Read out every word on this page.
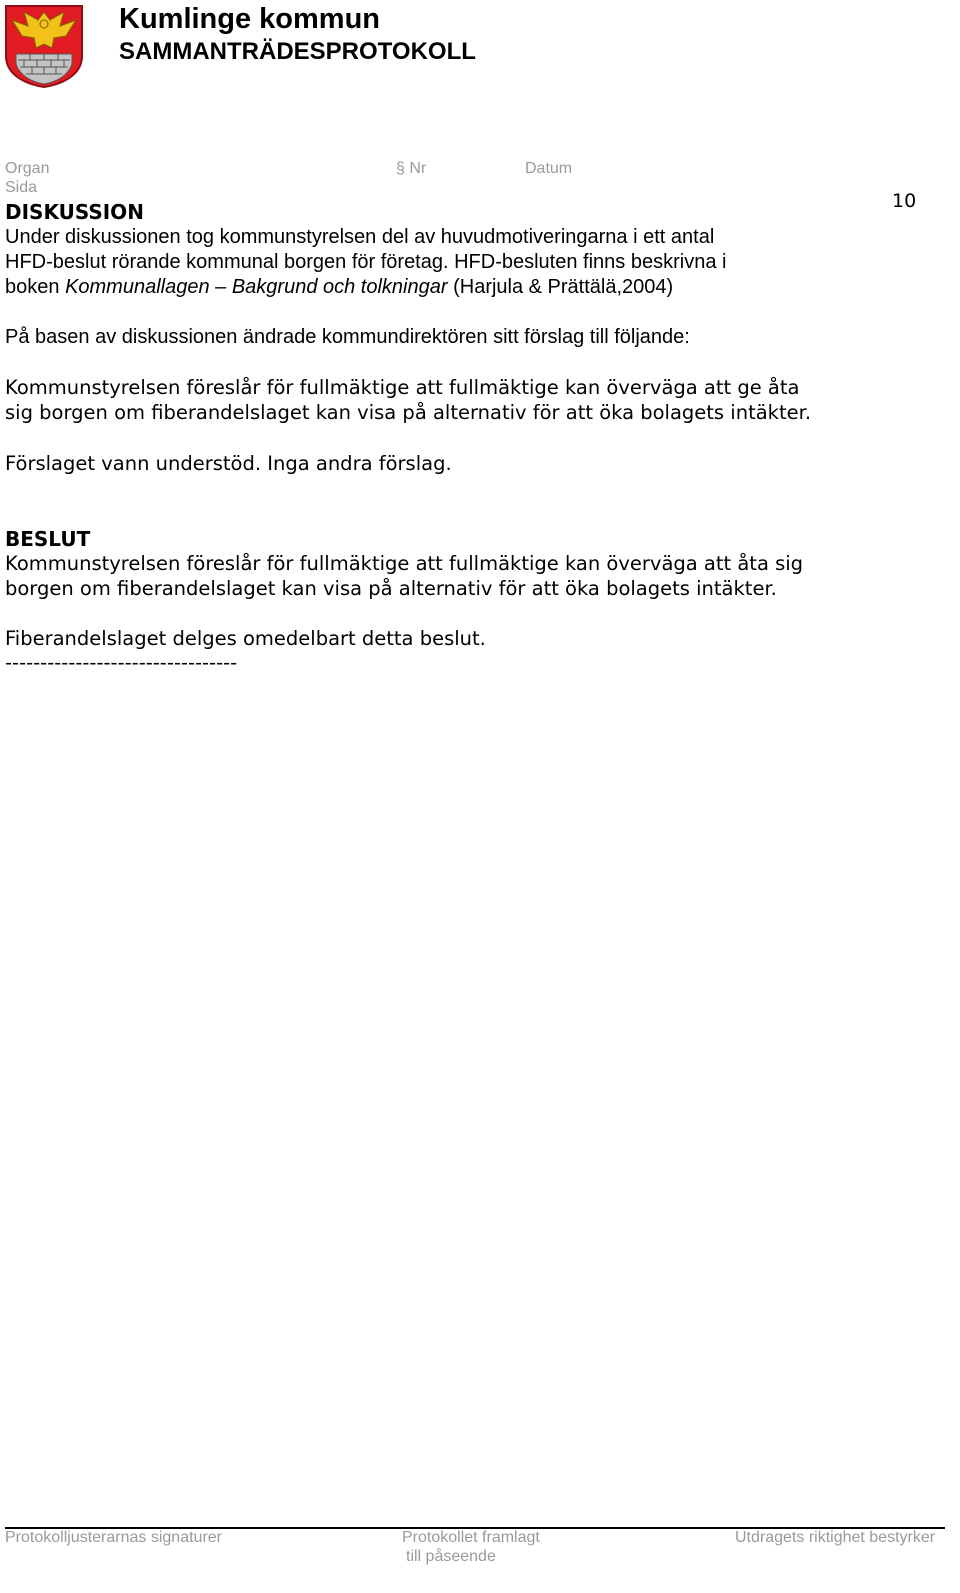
Kumlinge kommun
SAMMANTRÄDESPROTOKOLL
Organ	§ Nr	Datum
Sida
10
DISKUSSION
Under diskussionen tog kommunstyrelsen del av huvudmotiveringarna i ett antal
HFD-beslut rörande kommunal borgen för företag. HFD-besluten finns beskrivna i
boken Kommunallagen – Bakgrund och tolkningar (Harjula & Prättälä,2004)
På basen av diskussionen ändrade kommundirektören sitt förslag till följande:
Kommunstyrelsen föreslår för fullmäktige att fullmäktige kan överväga att ge åta
sig borgen om fiberandelslaget kan visa på alternativ för att öka bolagets intäkter.
Förslaget vann understöd. Inga andra förslag.
BESLUT
Kommunstyrelsen föreslår för fullmäktige att fullmäktige kan överväga att åta sig
borgen om fiberandelslaget kan visa på alternativ för att öka bolagets intäkter.
Fiberandelslaget delges omedelbart detta beslut.
---------------------------------
Protokolljusterarnas signaturer	Protokollet framlagt
till påseende
Utdragets riktighet bestyrker
